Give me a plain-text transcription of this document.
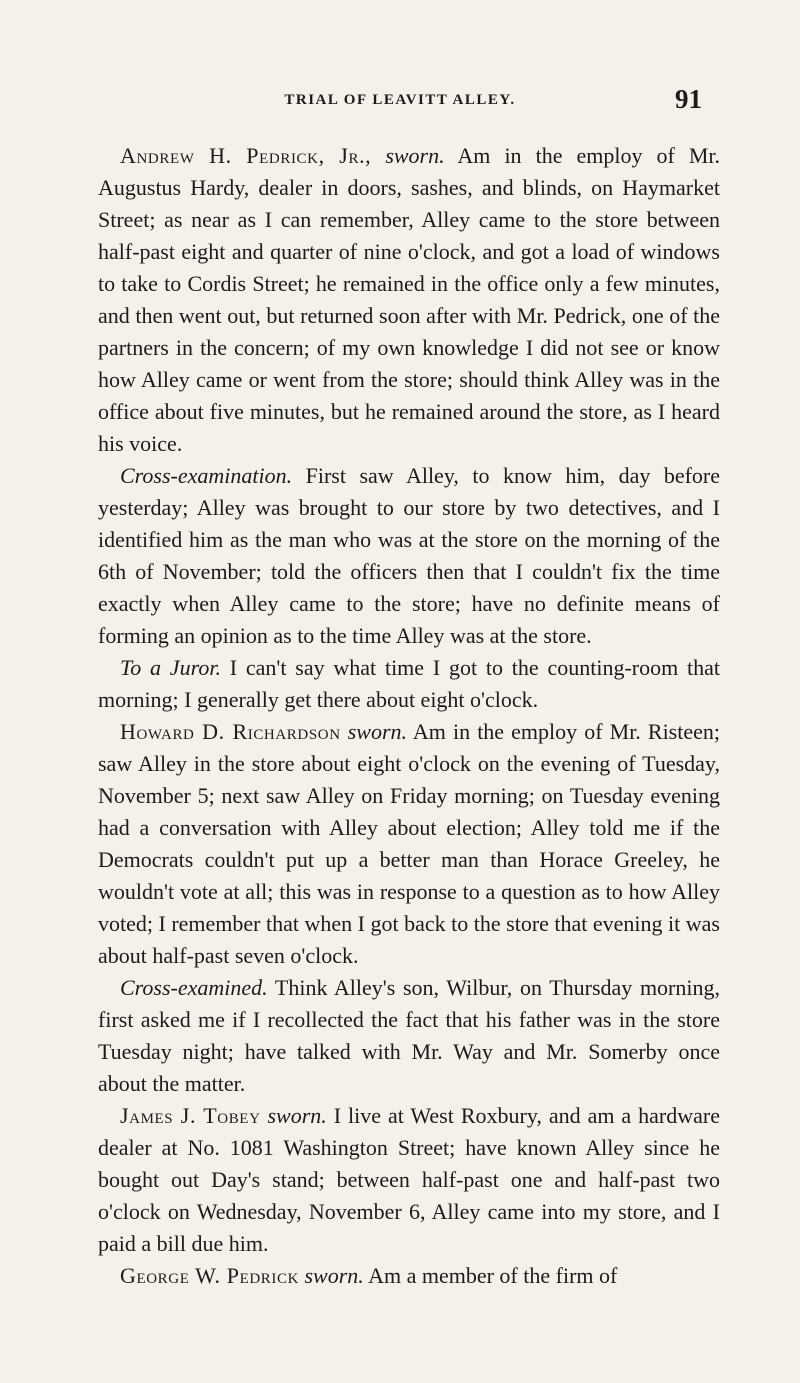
TRIAL OF LEAVITT ALLEY.	91

Andrew H. Pedrick, Jr., sworn. Am in the employ of Mr. Augustus Hardy, dealer in doors, sashes, and blinds, on Haymarket Street; as near as I can remember, Alley came to the store between half-past eight and quarter of nine o'clock, and got a load of windows to take to Cordis Street; he remained in the office only a few minutes, and then went out, but returned soon after with Mr. Pedrick, one of the partners in the concern; of my own knowledge I did not see or know how Alley came or went from the store; should think Alley was in the office about five minutes, but he remained around the store, as I heard his voice.

Cross-examination. First saw Alley, to know him, day before yesterday; Alley was brought to our store by two detectives, and I identified him as the man who was at the store on the morning of the 6th of November; told the officers then that I couldn't fix the time exactly when Alley came to the store; have no definite means of forming an opinion as to the time Alley was at the store.

To a Juror. I can't say what time I got to the counting-room that morning; I generally get there about eight o'clock.

Howard D. Richardson sworn. Am in the employ of Mr. Risteen; saw Alley in the store about eight o'clock on the evening of Tuesday, November 5; next saw Alley on Friday morning; on Tuesday evening had a conversation with Alley about election; Alley told me if the Democrats couldn't put up a better man than Horace Greeley, he wouldn't vote at all; this was in response to a question as to how Alley voted; I remember that when I got back to the store that evening it was about half-past seven o'clock.

Cross-examined. Think Alley's son, Wilbur, on Thursday morning, first asked me if I recollected the fact that his father was in the store Tuesday night; have talked with Mr. Way and Mr. Somerby once about the matter.

James J. Tobey sworn. I live at West Roxbury, and am a hardware dealer at No. 1081 Washington Street; have known Alley since he bought out Day's stand; between half-past one and half-past two o'clock on Wednesday, November 6, Alley came into my store, and I paid a bill due him.

George W. Pedrick sworn. Am a member of the firm of
